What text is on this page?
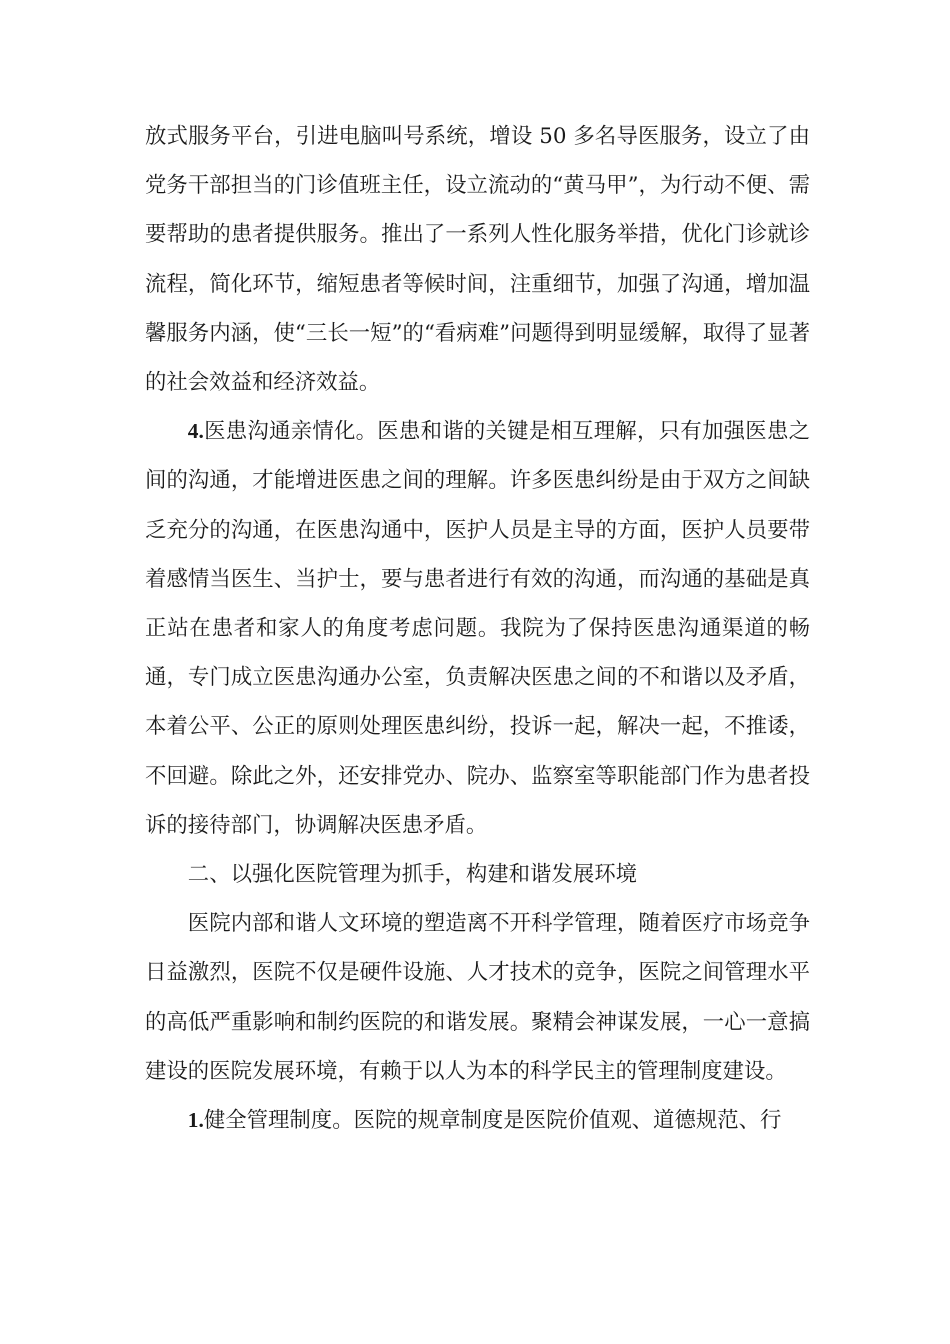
放式服务平台，引进电脑叫号系统，增设 50 多名导医服务，设立了由党务干部担当的门诊值班主任，设立流动的“黄马甲”，为行动不便、需要帮助的患者提供服务。推出了一系列人性化服务举措，优化门诊就诊流程，简化环节，缩短患者等候时间，注重细节，加强了沟通，增加温馨服务内涵，使“三长一短”的“看病难”问题得到明显缓解，取得了显著的社会效益和经济效益。

4.医患沟通亲情化。医患和谐的关键是相互理解，只有加强医患之间的沟通，才能增进医患之间的理解。许多医患纠纷是由于双方之间缺乏充分的沟通，在医患沟通中，医护人员是主导的方面，医护人员要带着感情当医生、当护士，要与患者进行有效的沟通，而沟通的基础是真正站在患者和家人的角度考虑问题。我院为了保持医患沟通渠道的畅通，专门成立医患沟通办公室，负责解决医患之间的不和谐以及矛盾，本着公平、公正的原则处理医患纠纷，投诉一起，解决一起，不推诿，不回避。除此之外，还安排党办、院办、监察室等职能部门作为患者投诉的接待部门，协调解决医患矛盾。

二、以强化医院管理为抓手，构建和谐发展环境

医院内部和谐人文环境的塑造离不开科学管理，随着医疗市场竞争日益激烈，医院不仅是硬件设施、人才技术的竞争，医院之间管理水平的高低严重影响和制约医院的和谐发展。聚精会神谋发展，一心一意搞建设的医院发展环境，有赖于以人为本的科学民主的管理制度建设。

1.健全管理制度。医院的规章制度是医院价值观、道德规范、行
